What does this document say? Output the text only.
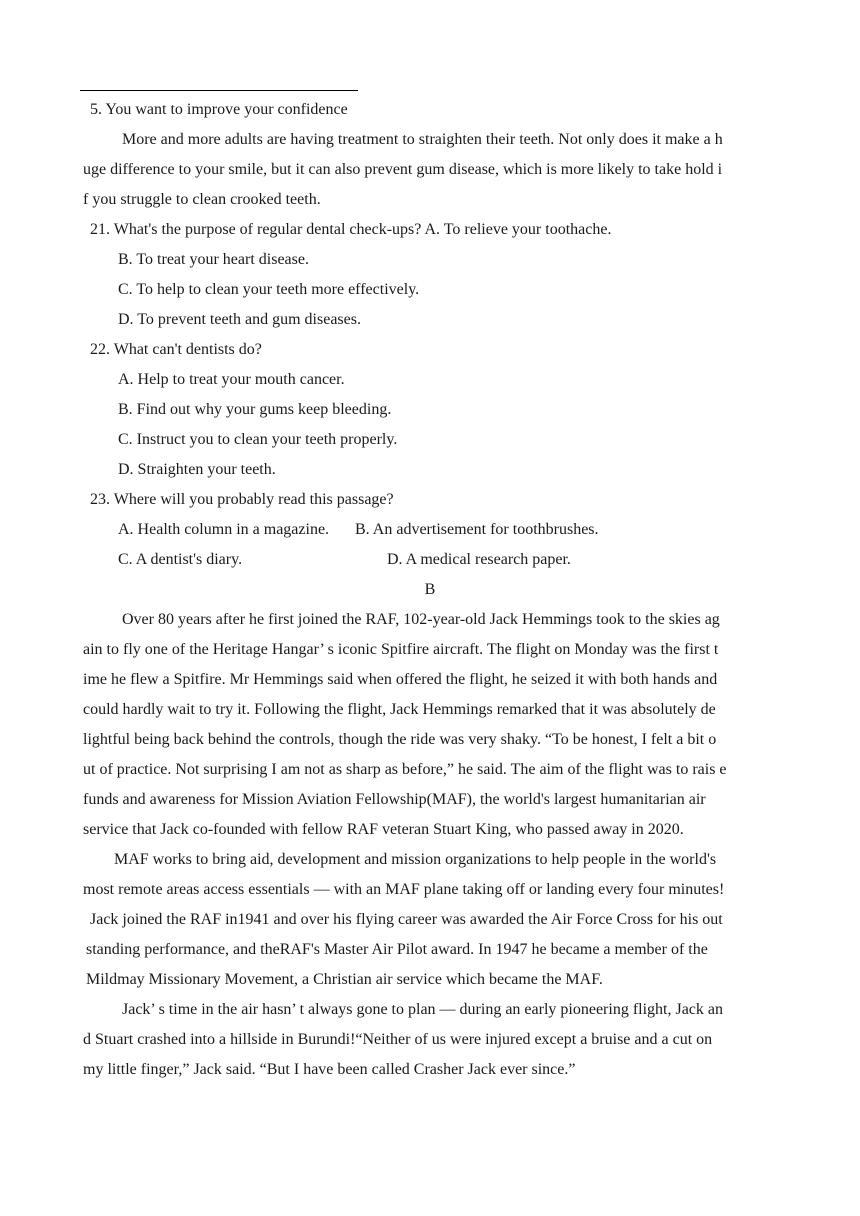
5. You want to improve your confidence
More and more adults are having treatment to straighten their teeth. Not only does it make a h
uge difference to your smile, but it can also prevent gum disease, which is more likely to take hold i
f you struggle to clean crooked teeth.
21. What's the purpose of regular dental check-ups? A. To relieve your toothache.
B. To treat your heart disease.
C. To help to clean your teeth more effectively.
D. To prevent teeth and gum diseases.
22. What can't dentists do?
A. Help to treat your mouth cancer.
B. Find out why your gums keep bleeding.
C. Instruct you to clean your teeth properly.
D. Straighten your teeth.
23. Where will you probably read this passage?
A. Health column in a magazine. B. An advertisement for toothbrushes.
C. A dentist's diary.	D. A medical research paper.
B
Over 80 years after he first joined the RAF, 102-year-old Jack Hemmings took to the skies ag
ain to fly one of the Heritage Hangar’ s iconic Spitfire aircraft. The flight on Monday was the first t
ime he flew a Spitfire. Mr Hemmings said when offered the flight, he seized it with both hands and
could hardly wait to try it. Following the flight, Jack Hemmings remarked that it was absolutely de
lightful being back behind the controls, though the ride was very shaky. “To be honest, I felt a bit o
ut of practice. Not surprising I am not as sharp as before,” he said. The aim of the flight was to rais e
funds and awareness for Mission Aviation Fellowship(MAF), the world's largest humanitarian air
service that Jack co-founded with fellow RAF veteran Stuart King, who passed away in 2020.
MAF works to bring aid, development and mission organizations to help people in the world's
most remote areas access essentials — with an MAF plane taking off or landing every four minutes!
Jack joined the RAF in1941 and over his flying career was awarded the Air Force Cross for his out
standing performance, and theRAF's Master Air Pilot award. In 1947 he became a member of the
Mildmay Missionary Movement, a Christian air service which became the MAF.
Jack’ s time in the air hasn’ t always gone to plan — during an early pioneering flight, Jack an
d Stuart crashed into a hillside in Burundi!“Neither of us were injured except a bruise and a cut on
my little finger,” Jack said. “But I have been called Crasher Jack ever since.”
